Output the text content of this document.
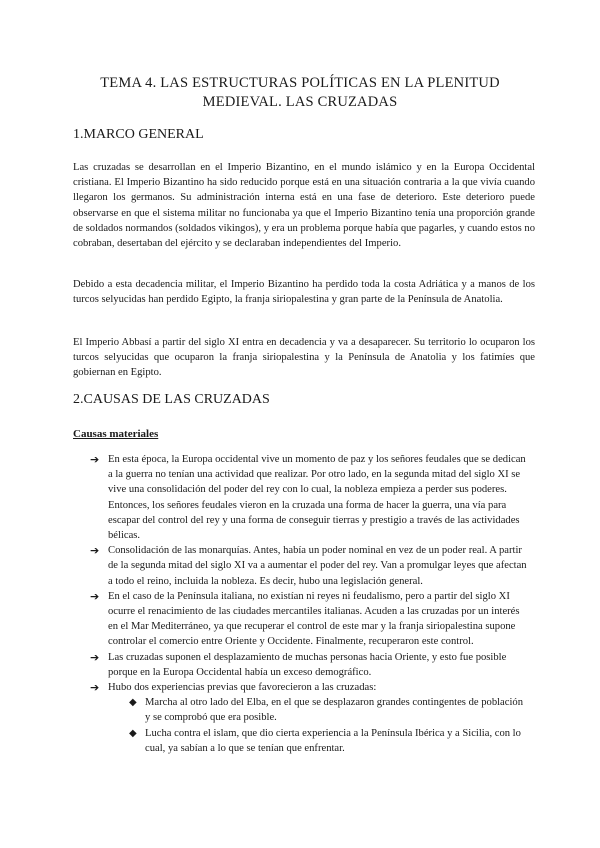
TEMA 4. LAS ESTRUCTURAS POLÍTICAS EN LA PLENITUD
MEDIEVAL. LAS CRUZADAS
1.MARCO GENERAL

Las cruzadas se desarrollan en el Imperio Bizantino, en el mundo islámico y en la Europa Occidental cristiana. El Imperio Bizantino ha sido reducido porque está en una situación contraria a la que vivía cuando llegaron los germanos. Su administración interna está en una fase de deterioro. Este deterioro puede observarse en que el sistema militar no funcionaba ya que el Imperio Bizantino tenía una proporción grande de soldados normandos (soldados vikingos), y era un problema porque había que pagarles, y cuando estos no cobraban, desertaban del ejército y se declaraban independientes del Imperio.

Debido a esta decadencia militar, el Imperio Bizantino ha perdido toda la costa Adriática y a manos de los turcos selyucidas han perdido Egipto, la franja siriopalestina y gran parte de la Península de Anatolia.

El Imperio Abbasí a partir del siglo XI entra en decadencia y va a desaparecer. Su territorio lo ocuparon los turcos selyucidas que ocuparon la franja siriopalestina y la Península de Anatolia y los fatimíes que gobiernan en Egipto.

2.CAUSAS DE LAS CRUZADAS
Causas materiales
➔ En esta época, la Europa occidental vive un momento de paz y los señores feudales que se dedican a la guerra no tenían una actividad que realizar. Por otro lado, en la segunda mitad del siglo XI se vive una consolidación del poder del rey con lo cual, la nobleza empieza a perder sus poderes. Entonces, los señores feudales vieron en la cruzada una forma de hacer la guerra, una vía para escapar del control del rey y una forma de conseguir tierras y prestigio a través de las actividades bélicas.
➔ Consolidación de las monarquías. Antes, había un poder nominal en vez de un poder real. A partir de la segunda mitad del siglo XI va a aumentar el poder del rey. Van a promulgar leyes que afectan a todo el reino, incluida la nobleza. Es decir, hubo una legislación general.
➔ En el caso de la Península italiana, no existían ni reyes ni feudalismo, pero a partir del siglo XI ocurre el renacimiento de las ciudades mercantiles italianas. Acuden a las cruzadas por un interés en el Mar Mediterráneo, ya que recuperar el control de este mar y la franja siriopalestina supone controlar el comercio entre Oriente y Occidente. Finalmente, recuperaron este control.
➔ Las cruzadas suponen el desplazamiento de muchas personas hacia Oriente, y esto fue posible porque en la Europa Occidental había un exceso demográfico.
➔ Hubo dos experiencias previas que favorecieron a las cruzadas:
◆ Marcha al otro lado del Elba, en el que se desplazaron grandes contingentes de población y se comprobó que era posible.
◆ Lucha contra el islam, que dio cierta experiencia a la Península Ibérica y a Sicilia, con lo cual, ya sabían a lo que se tenían que enfrentar.
